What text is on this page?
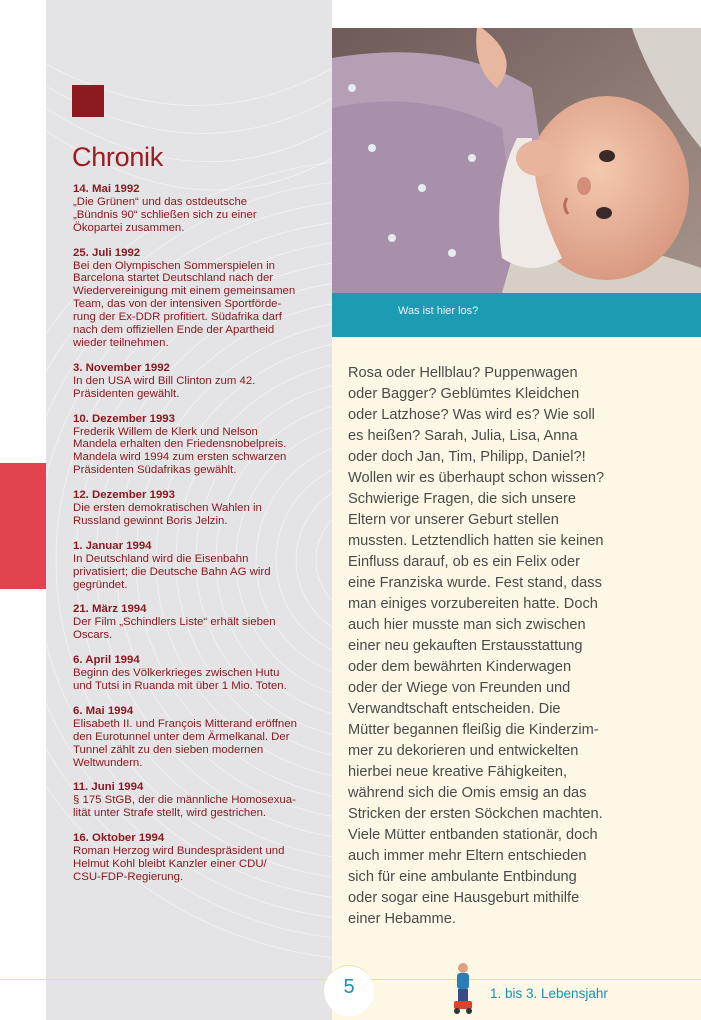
Chronik
14. Mai 1992
„Die Grünen“ und das ostdeutsche
„Bündnis 90“ schließen sich zu einer
Ökopartei zusammen.
25. Juli 1992
Bei den Olympischen Sommerspielen in
Barcelona startet Deutschland nach der
Wiedervereinigung mit einem gemeinsamen
Team, das von der intensiven Sportförde-
rung der Ex-DDR profitiert. Südafrika darf
nach dem offiziellen Ende der Apartheid
wieder teilnehmen.
3. November 1992
In den USA wird Bill Clinton zum 42.
Präsidenten gewählt.
10. Dezember 1993
Frederik Willem de Klerk und Nelson
Mandela erhalten den Friedensnobelpreis.
Mandela wird 1994 zum ersten schwarzen
Präsidenten Südafrikas gewählt.
12. Dezember 1993
Die ersten demokratischen Wahlen in
Russland gewinnt Boris Jelzin.
1. Januar 1994
In Deutschland wird die Eisenbahn
privatisiert; die Deutsche Bahn AG wird
gegründet.
21. März 1994
Der Film „Schindlers Liste“ erhält sieben
Oscars.
6. April 1994
Beginn des Völkerkrieges zwischen Hutu
und Tutsi in Ruanda mit über 1 Mio. Toten.
6. Mai 1994
Elisabeth II. und François Mitterand eröffnen
den Eurotunnel unter dem Ärmelkanal. Der
Tunnel zählt zu den sieben modernen
Weltwundern.
11. Juni 1994
§ 175 StGB, der die männliche Homosexua-
lität unter Strafe stellt, wird gestrichen.
16. Oktober 1994
Roman Herzog wird Bundespräsident und
Helmut Kohl bleibt Kanzler einer CDU/
CSU-FDP-Regierung.
Was ist hier los?

Rosa oder Hellblau? Puppenwagen
oder Bagger? Geblümtes Kleidchen
oder Latzhose? Was wird es? Wie soll
es heißen? Sarah, Julia, Lisa, Anna
oder doch Jan, Tim, Philipp, Daniel?!
Wollen wir es überhaupt schon wissen?
Schwierige Fragen, die sich unsere
Eltern vor unserer Geburt stellen
mussten. Letztendlich hatten sie keinen
Einfluss darauf, ob es ein Felix oder
eine Franziska wurde. Fest stand, dass
man einiges vorzubereiten hatte. Doch
auch hier musste man sich zwischen
einer neu gekauften Erstausstattung
oder dem bewährten Kinderwagen
oder der Wiege von Freunden und
Verwandtschaft entscheiden. Die
Mütter begannen fleißig die Kinderzim-
mer zu dekorieren und entwickelten
hierbei neue kreative Fähigkeiten,
während sich die Omis emsig an das
Stricken der ersten Söckchen machten.
Viele Mütter entbanden stationär, doch
auch immer mehr Eltern entschieden
sich für eine ambulante Entbindung
oder sogar eine Hausgeburt mithilfe
einer Hebamme.

5	1. bis 3. Lebensjahr
